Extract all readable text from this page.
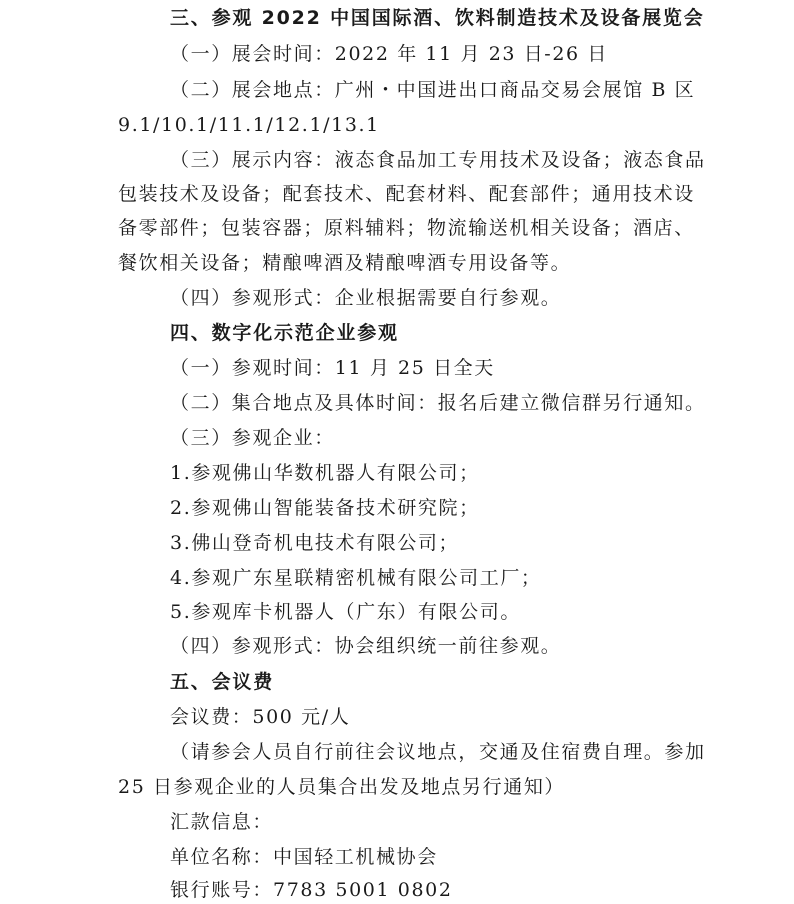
三、参观 2022 中国国际酒、饮料制造技术及设备展览会
（一）展会时间：2022 年 11 月 23 日-26 日
（二）展会地点：广州・中国进出口商品交易会展馆 B 区
9.1/10.1/11.1/12.1/13.1
（三）展示内容：液态食品加工专用技术及设备；液态食品
包装技术及设备；配套技术、配套材料、配套部件；通用技术设
备零部件；包装容器；原料辅料；物流输送机相关设备；酒店、
餐饮相关设备；精酿啤酒及精酿啤酒专用设备等。
（四）参观形式：企业根据需要自行参观。
四、数字化示范企业参观
（一）参观时间：11 月 25 日全天
（二）集合地点及具体时间：报名后建立微信群另行通知。
（三）参观企业：
1.参观佛山华数机器人有限公司；
2.参观佛山智能装备技术研究院；
3.佛山登奇机电技术有限公司；
4.参观广东星联精密机械有限公司工厂；
5.参观库卡机器人（广东）有限公司。
（四）参观形式：协会组织统一前往参观。
五、会议费
会议费：500 元/人
（请参会人员自行前往会议地点，交通及住宿费自理。参加
25 日参观企业的人员集合出发及地点另行通知）
汇款信息：
单位名称：中国轻工机械协会
银行账号：7783 5001 0802
